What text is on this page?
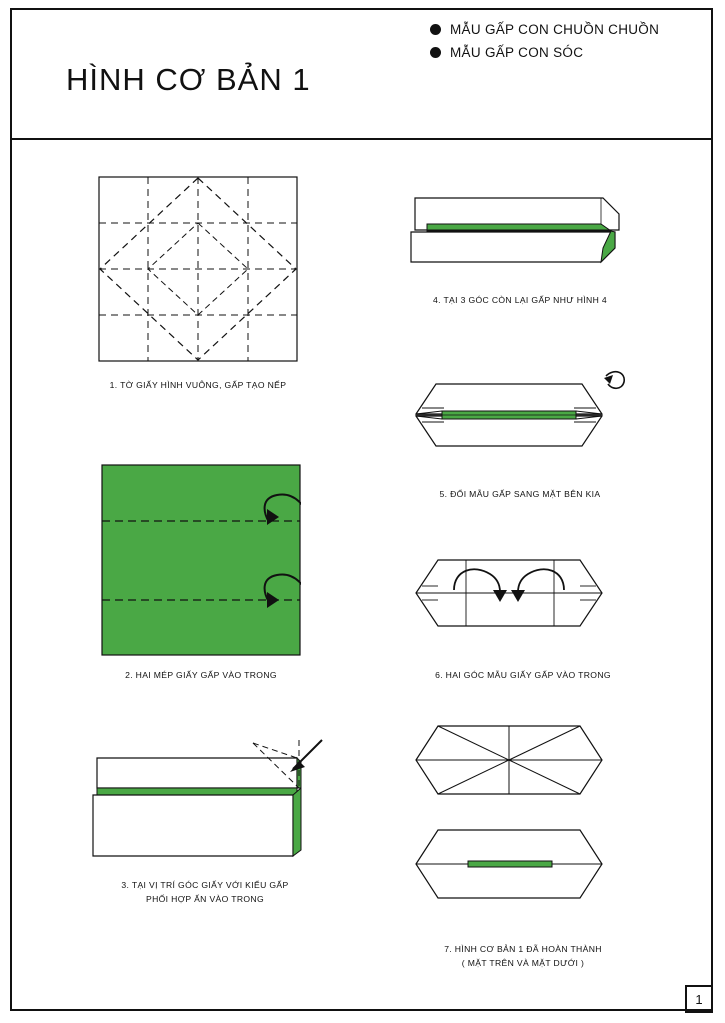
HÌNH CƠ BẢN 1
MẪU GẤP CON CHUỒN CHUỒN
MẪU GẤP CON SÓC
1. TỜ GIẤY HÌNH VUÔNG, GẤP TẠO NẾP
2. HAI MÉP GIẤY GẤP VÀO TRONG
3. TẠI VỊ TRÍ GÓC GIẤY VỚI KIỂU GẤP
PHỐI HỢP ẤN VÀO TRONG
4. TẠI 3 GÓC CÒN LẠI GẤP NHƯ HÌNH 4
5. ĐỔI MẪU GẤP SANG MẶT BÊN KIA
6. HAI GÓC MẪU GIẤY GẤP VÀO TRONG
7. HÌNH CƠ BẢN 1 ĐÃ HOÀN THÀNH
( MẶT TRÊN VÀ MẶT DƯỚI )
1
